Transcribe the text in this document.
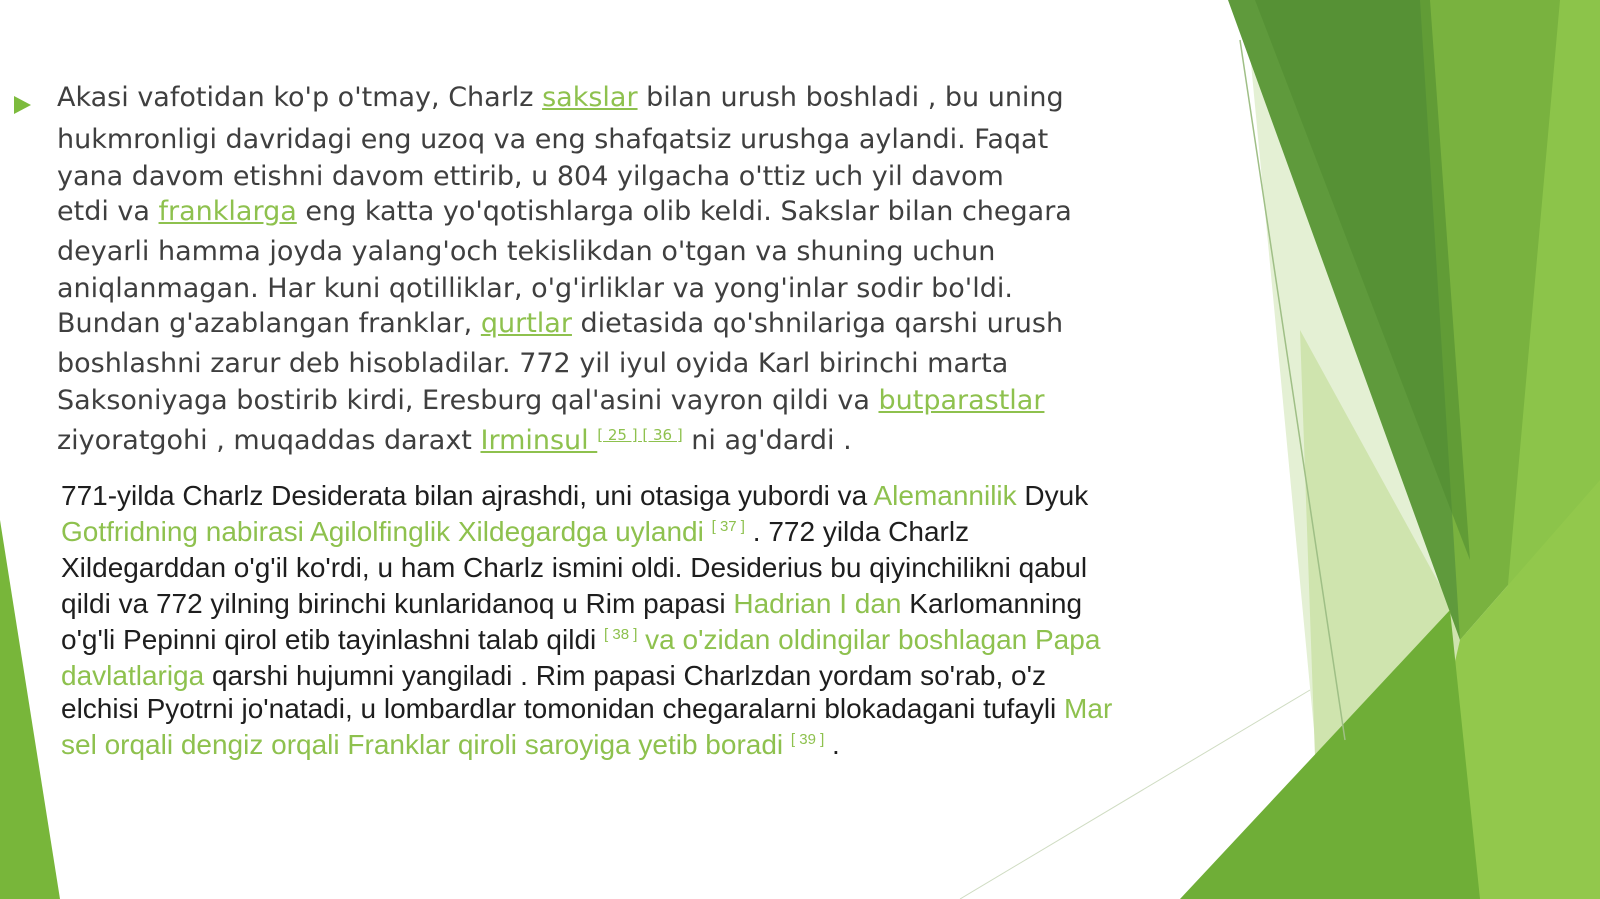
Akasi vafotidan ko'p o'tmay, Charlz sakslar bilan urush boshladi , bu uning
hukmronligi davridagi eng uzoq va eng shafqatsiz urushga aylandi. Faqat
yana davom etishni davom ettirib, u 804 yilgacha o'ttiz uch yil davom
etdi va franklarga eng katta yo'qotishlarga olib keldi. Sakslar bilan chegara
deyarli hamma joyda yalang'och tekislikdan o'tgan va shuning uchun
aniqlanmagan. Har kuni qotilliklar, o'g'irliklar va yong'inlar sodir bo'ldi.
Bundan g'azablangan franklar, qurtlar dietasida qo'shnilariga qarshi urush
boshlashni zarur deb hisobladilar. 772 yil iyul oyida Karl birinchi marta
Saksoniyaga bostirib kirdi, Eresburg qal'asini vayron qildi va butparastlar
ziyoratgohi , muqaddas daraxt Irminsul [ 25 ] [ 36 ] ni ag'dardi .
771-yilda Charlz Desiderata bilan ajrashdi, uni otasiga yubordi va Alemannilik Dyuk
Gotfridning nabirasi Agilolfinglik Xildegardga uylandi [ 37 ] . 772 yilda Charlz
Xildegarddan o'g'il ko'rdi, u ham Charlz ismini oldi. Desiderius bu qiyinchilikni qabul
qildi va 772 yilning birinchi kunlaridanoq u Rim papasi Hadrian I dan Karlomanning
o'g'li Pepinni qirol etib tayinlashni talab qildi [ 38 ] va o'zidan oldingilar boshlagan Papa
davlatlariga qarshi hujumni yangiladi . Rim papasi Charlzdan yordam so'rab, o'z
elchisi Pyotrni jo'natadi, u lombardlar tomonidan chegaralarni blokadagani tufayli Mar
sel orqali dengiz orqali Franklar qiroli saroyiga yetib boradi [ 39 ] .
